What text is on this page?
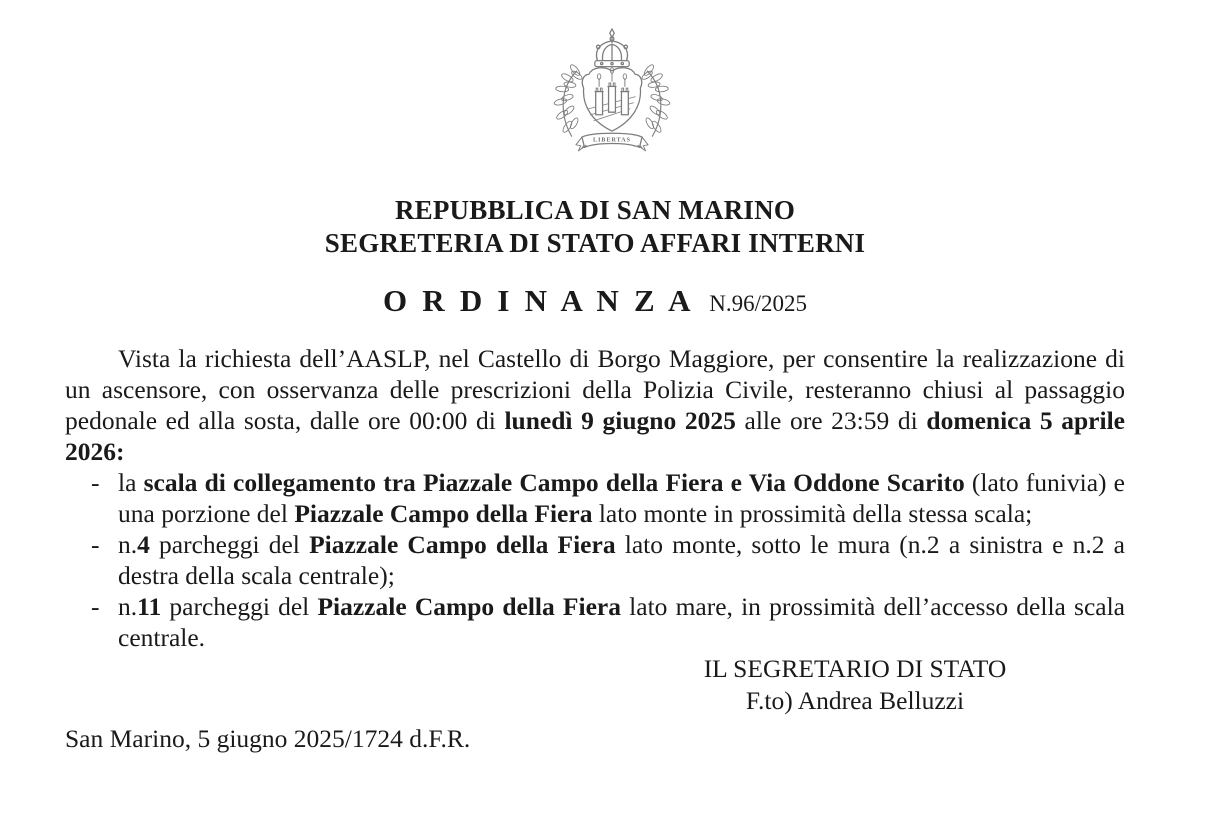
LIBERTAS
REPUBBLICA DI SAN MARINO
SEGRETERIA DI STATO AFFARI INTERNI
O R D I N A N Z A N.96/2025

Vista la richiesta dell’AASLP, nel Castello di Borgo Maggiore, per consentire la realizzazione di un ascensore, con osservanza delle prescrizioni della Polizia Civile, resteranno chiusi al passaggio pedonale ed alla sosta, dalle ore 00:00 di lunedì 9 giugno 2025 alle ore 23:59 di domenica 5 aprile 2026:

- la scala di collegamento tra Piazzale Campo della Fiera e Via Oddone Scarito (lato funivia) e una porzione del Piazzale Campo della Fiera lato monte in prossimità della stessa scala;
- n.4 parcheggi del Piazzale Campo della Fiera lato monte, sotto le mura (n.2 a sinistra e n.2 a destra della scala centrale);
- n.11 parcheggi del Piazzale Campo della Fiera lato mare, in prossimità dell’accesso della scala centrale.
IL SEGRETARIO DI STATO
F.to) Andrea Belluzzi
San Marino, 5 giugno 2025/1724 d.F.R.
